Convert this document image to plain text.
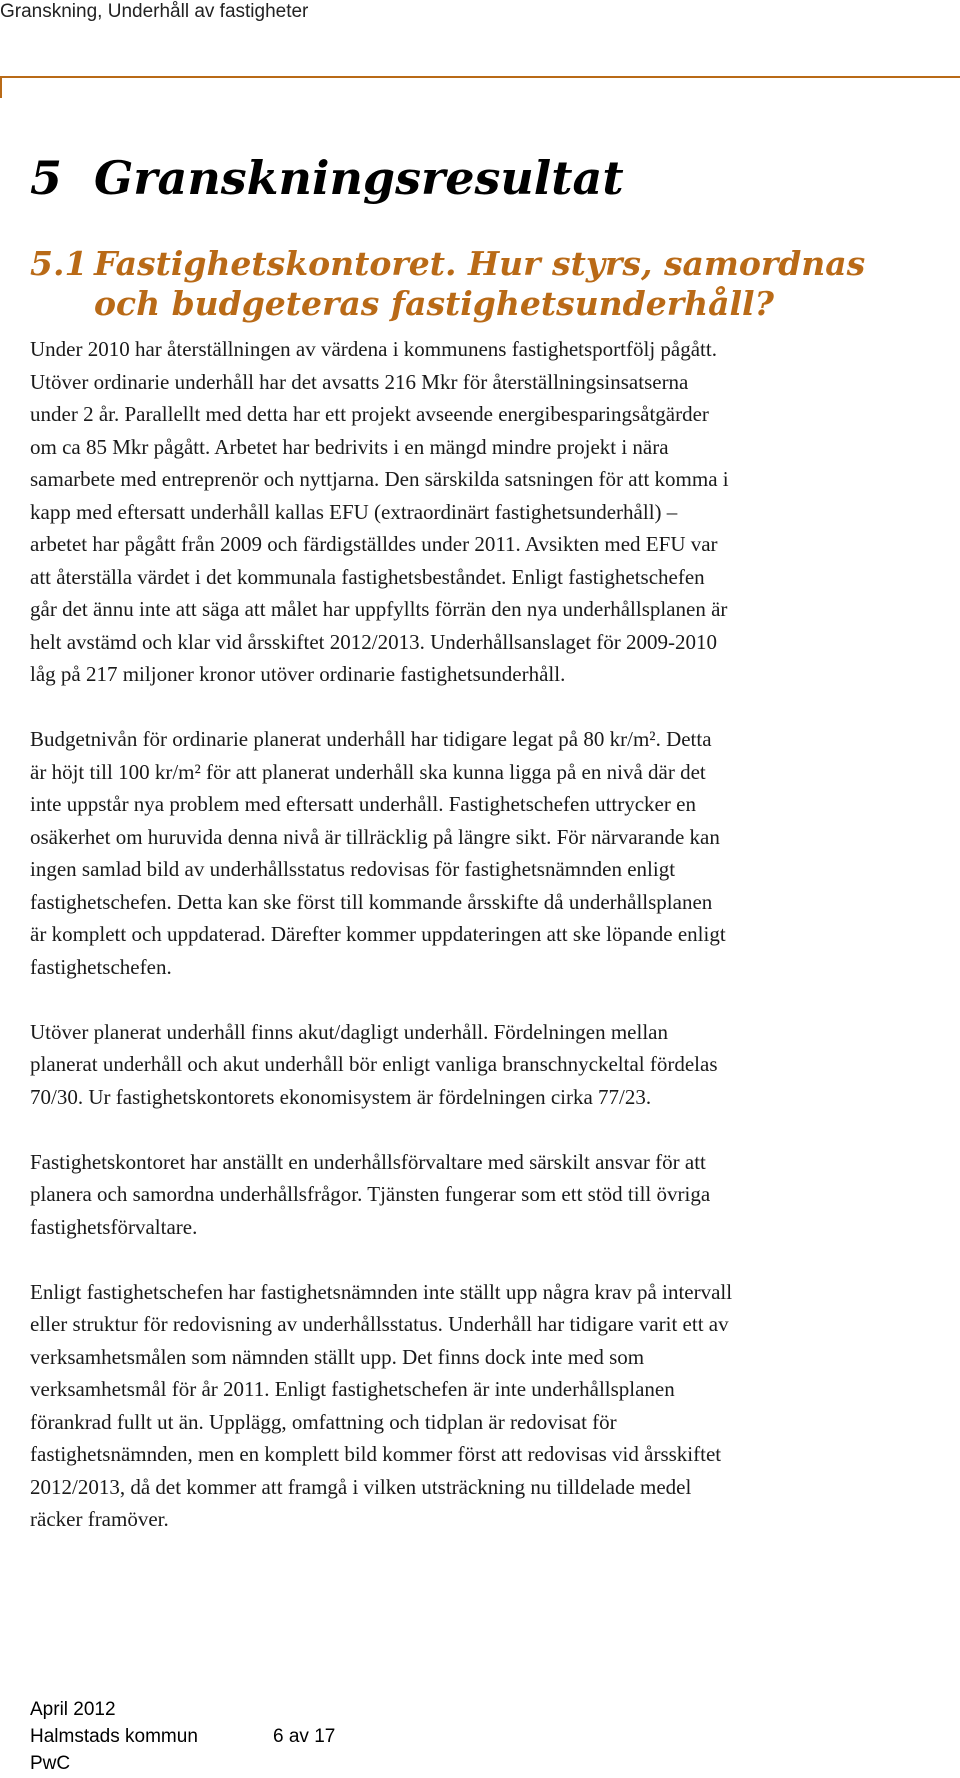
Granskning, Underhåll av fastigheter
5 Granskningsresultat
5.1 Fastighetskontoret. Hur styrs, samordnas
och budgeteras fastighetsunderhåll?
Under 2010 har återställningen av värdena i kommunens fastighetsportfölj pågått.
Utöver ordinarie underhåll har det avsatts 216 Mkr för återställningsinsatserna
under 2 år. Parallellt med detta har ett projekt avseende energibesparingsåtgärder
om ca 85 Mkr pågått. Arbetet har bedrivits i en mängd mindre projekt i nära
samarbete med entreprenör och nyttjarna. Den särskilda satsningen för att komma i
kapp med eftersatt underhåll kallas EFU (extraordinärt fastighetsunderhåll) –
arbetet har pågått från 2009 och färdigställdes under 2011. Avsikten med EFU var
att återställa värdet i det kommunala fastighetsbeståndet. Enligt fastighetschefen
går det ännu inte att säga att målet har uppfyllts förrän den nya underhållsplanen är
helt avstämd och klar vid årsskiftet 2012/2013. Underhållsanslaget för 2009-2010
låg på 217 miljoner kronor utöver ordinarie fastighetsunderhåll.
Budgetnivån för ordinarie planerat underhåll har tidigare legat på 80 kr/m². Detta
är höjt till 100 kr/m² för att planerat underhåll ska kunna ligga på en nivå där det
inte uppstår nya problem med eftersatt underhåll. Fastighetschefen uttrycker en
osäkerhet om huruvida denna nivå är tillräcklig på längre sikt. För närvarande kan
ingen samlad bild av underhållsstatus redovisas för fastighetsnämnden enligt
fastighetschefen. Detta kan ske först till kommande årsskifte då underhållsplanen
är komplett och uppdaterad. Därefter kommer uppdateringen att ske löpande enligt
fastighetschefen.
Utöver planerat underhåll finns akut/dagligt underhåll. Fördelningen mellan
planerat underhåll och akut underhåll bör enligt vanliga branschnyckeltal fördelas
70/30. Ur fastighetskontorets ekonomisystem är fördelningen cirka 77/23.
Fastighetskontoret har anställt en underhållsförvaltare med särskilt ansvar för att
planera och samordna underhållsfrågor. Tjänsten fungerar som ett stöd till övriga
fastighetsförvaltare.
Enligt fastighetschefen har fastighetsnämnden inte ställt upp några krav på intervall
eller struktur för redovisning av underhållsstatus. Underhåll har tidigare varit ett av
verksamhetsmålen som nämnden ställt upp. Det finns dock inte med som
verksamhetsmål för år 2011. Enligt fastighetschefen är inte underhållsplanen
förankrad fullt ut än. Upplägg, omfattning och tidplan är redovisat för
fastighetsnämnden, men en komplett bild kommer först att redovisas vid årsskiftet
2012/2013, då det kommer att framgå i vilken utsträckning nu tilldelade medel
räcker framöver.
April 2012
Halmstads kommun	6 av 17
PwC
